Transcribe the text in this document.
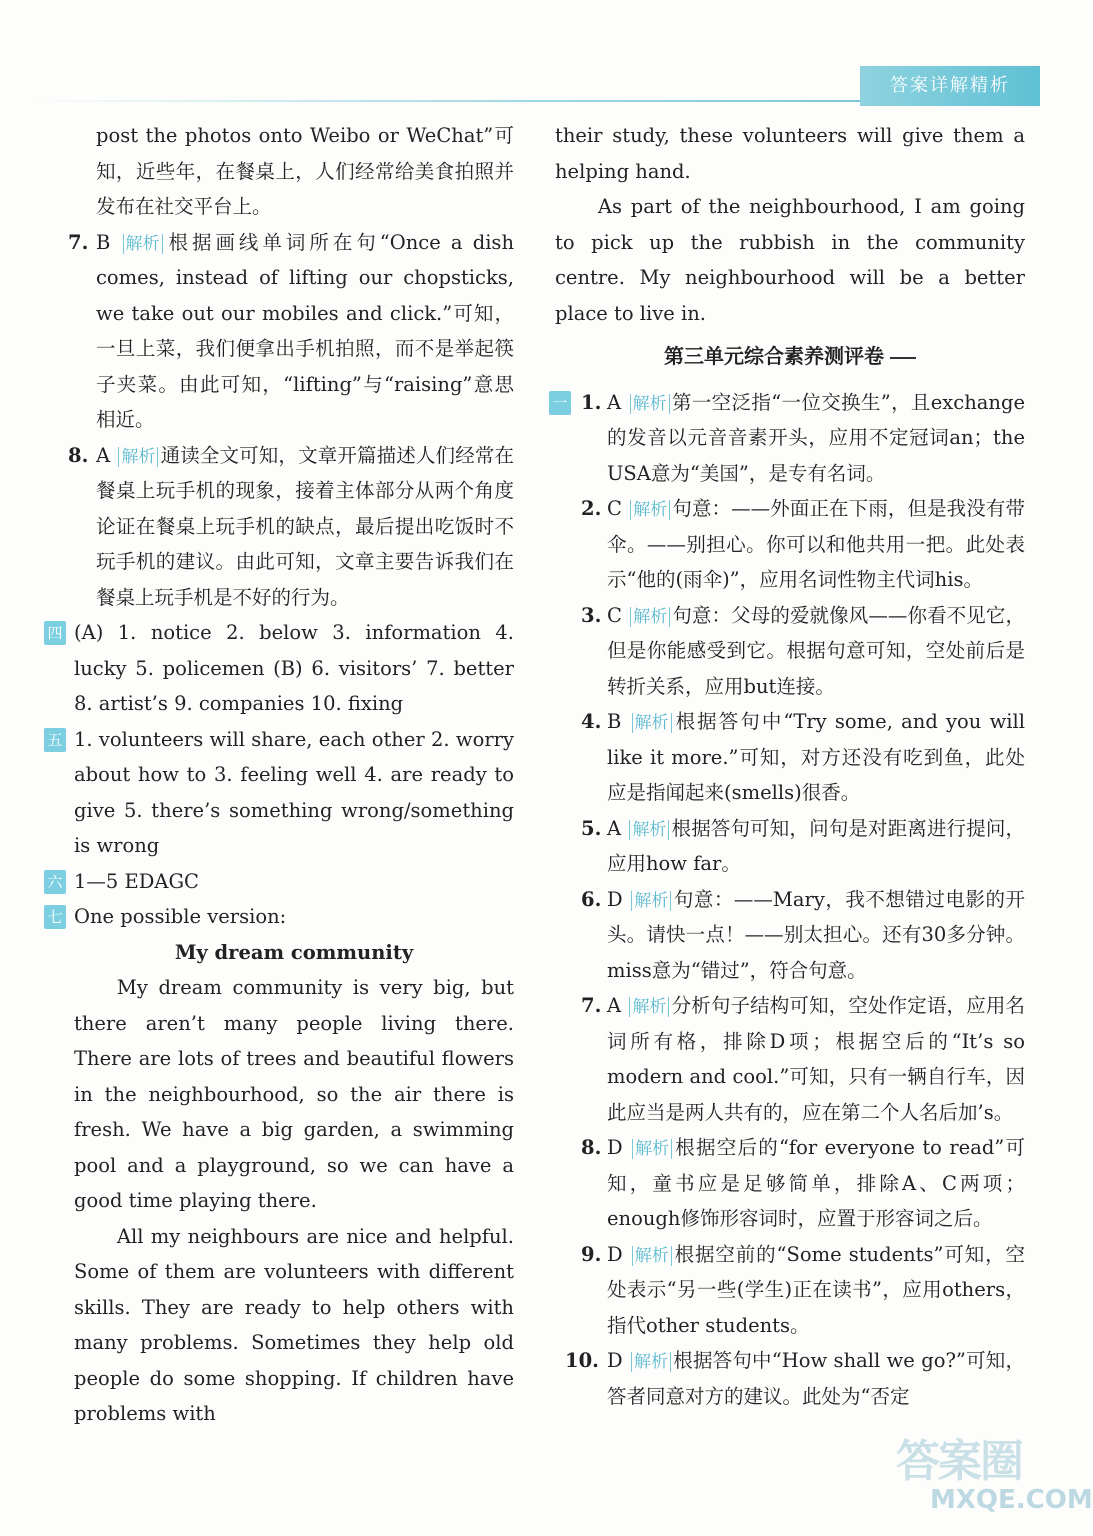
答案详解精析

post the photos onto Weibo or WeChat”可知，近些年，在餐桌上，人们经常给美食拍照并发布在社交平台上。

7. B 解析 根据画线单词所在句“Once a dish comes, instead of lifting our chopsticks, we take out our mobiles and click.”可知，一旦上菜，我们便拿出手机拍照，而不是举起筷子夹菜。由此可知，“lifting”与“raising”意思相近。

8. A 解析 通读全文可知，文章开篇描述人们经常在餐桌上玩手机的现象，接着主体部分从两个角度论证在餐桌上玩手机的缺点，最后提出吃饭时不玩手机的建议。由此可知，文章主要告诉我们在餐桌上玩手机是不好的行为。

四 (A) 1. notice 2. below 3. information 4. lucky 5. policemen (B) 6. visitors’ 7. better 8. artist’s 9. companies 10. fixing

五 1. volunteers will share, each other 2. worry about how to 3. feeling well 4. are ready to give 5. there’s something wrong/something is wrong

六 1—5 EDAGC

七 One possible version:

My dream community

My dream community is very big, but there aren’t many people living there. There are lots of trees and beautiful flowers in the neighbourhood, so the air there is fresh. We have a big garden, a swimming pool and a playground, so we can have a good time playing there.

All my neighbours are nice and helpful. Some of them are volunteers with different skills. They are ready to help others with many problems. Sometimes they help old people do some shopping. If children have problems with

their study, these volunteers will give them a helping hand.

As part of the neighbourhood, I am going to pick up the rubbish in the community centre. My neighbourhood will be a better place to live in.

第三单元综合素养测评卷

一 1. A 解析 第一空泛指“一位交换生”，且exchange的发音以元音音素开头，应用不定冠词an；the USA意为“美国”，是专有名词。

2. C 解析 句意：——外面正在下雨，但是我没有带伞。——别担心。你可以和他共用一把。此处表示“他的(雨伞)”，应用名词性物主代词his。

3. C 解析 句意：父母的爱就像风——你看不见它，但是你能感受到它。根据句意可知，空处前后是转折关系，应用but连接。

4. B 解析 根据答句中“Try some, and you will like it more.”可知，对方还没有吃到鱼，此处应是指闻起来(smells)很香。

5. A 解析 根据答句可知，问句是对距离进行提问，应用how far。

6. D 解析 句意：——Mary，我不想错过电影的开头。请快一点！——别太担心。还有30多分钟。miss意为“错过”，符合句意。

7. A 解析 分析句子结构可知，空处作定语，应用名词所有格，排除D项；根据空后的“It’s so modern and cool.”可知，只有一辆自行车，因此应当是两人共有的，应在第二个人名后加’s。

8. D 解析 根据空后的“for everyone to read”可知，童书应是足够简单，排除A、C两项；enough修饰形容词时，应置于形容词之后。

9. D 解析 根据空前的“Some students”可知，空处表示“另一些(学生)正在读书”，应用others，指代other students。

10. D 解析 根据答句中“How shall we go?”可知，答者同意对方的建议。此处为“否定

答案圈
MXQE.COM
